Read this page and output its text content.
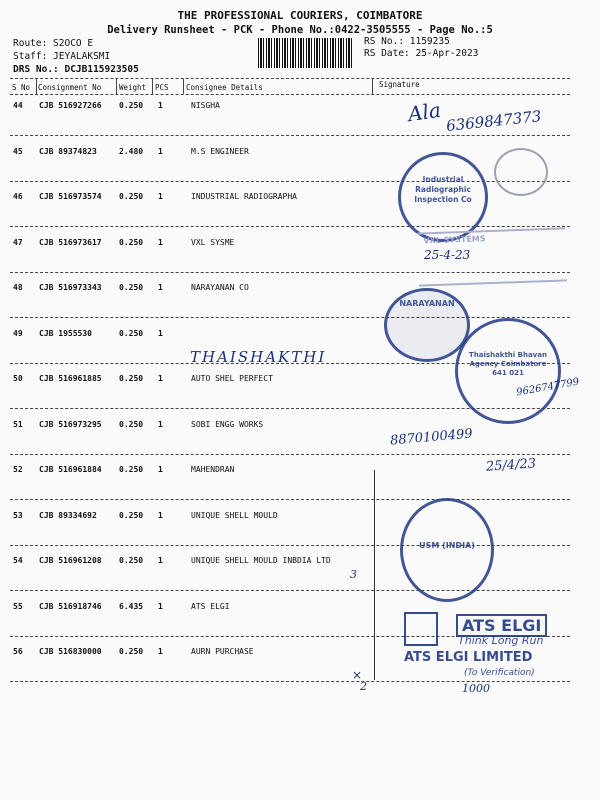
THE PROFESSIONAL COURIERS, COIMBATORE
Delivery Runsheet - PCK - Phone No.:0422-3505555 - Page No.:5
Route: S2OCO E
Staff: JEYALAKSMI
DRS No.: DCJB115923505
RS No.: 1159235
RS Date: 25-Apr-2023
S No Consignment No Weight PCS Consignee Details	Signature
44 CJB 516927266 0.250 1	NISGHA
45 CJB 89374823	2.480 1	M.S ENGINEER
46 CJB 516973574 0.250 1	INDUSTRIAL RADIOGRAPHA
47 CJB 516973617 0.250 1	VXL SYSME
48 CJB 516973343 0.250 1	NARAYANAN CO
49 CJB 1955530	0.250 1
50 CJB 516961885 0.250 1	AUTO SHEL PERFECT
51 CJB 516973295 0.250 1	SOBI ENGG WORKS
52 CJB 516961884 0.250 1	MAHENDRAN
53 CJB 89334692	0.250 1	UNIQUE SHELL MOULD
54 CJB 516961208 0.250 1	UNIQUE SHELL MOULD INBDIA LTD
55 CJB 516918746 6.435 1	ATS ELGI
56 CJB 516830000 0.250 1	AURN PURCHASE
Ala 6369847373
Industrial Radiographic Inspection Co
VXL SYSTEMS
25-4-23
NARAYANAN
Thaishakthi Bhavan Agency Coimbatore 641 021
THAISHAKTHI
9626747799
8870100499
25/4/23
USM (INDIA)
3
ATS ELGI
Think Long Run
ATS ELGI LIMITED
(To Verification)
×
2	1000
